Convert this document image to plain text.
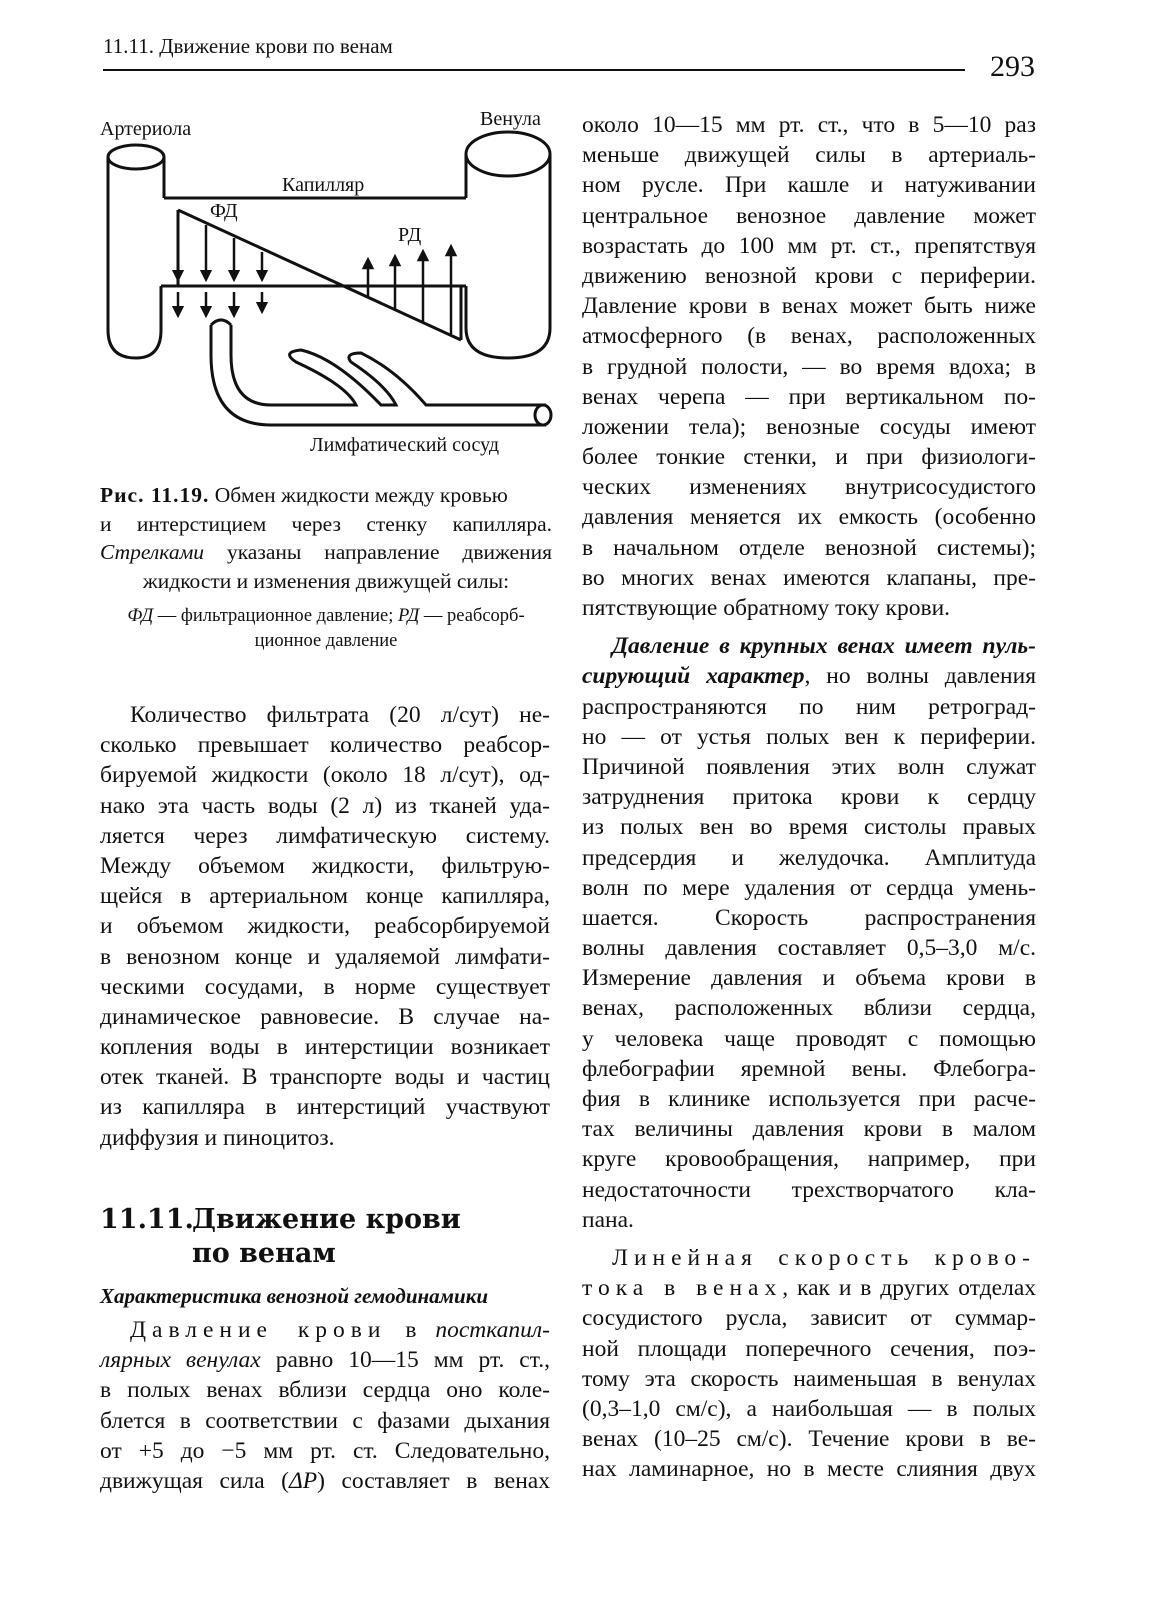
11.11. Движение крови по венам
293
Артериола	Венула
Капилляр
ФД
РД
Лимфатический сосуд
Рис. 11.19. Обмен жидкости между кровью
и интерстицием через стенку капилляра.
Стрелками указаны направление движения
жидкости и изменения движущей силы:
ФД — фильтрационное давление; РД — реабсорб-
ционное давление
Количество фильтрата (20 л/сут) не-
сколько превышает количество реабсор-
бируемой жидкости (около 18 л/сут), од-
нако эта часть воды (2 л) из тканей уда-
ляется через лимфатическую систему.
Между объемом жидкости, фильтрую-
щейся в артериальном конце капилляра,
и объемом жидкости, реабсорбируемой
в венозном конце и удаляемой лимфати-
ческими сосудами, в норме существует
динамическое равновесие. В случае на-
копления воды в интерстиции возникает
отек тканей. В транспорте воды и частиц
из капилляра в интерстиций участвуют
диффузия и пиноцитоз.
11.11.Движение крови
по венам
Характеристика венозной гемодинамики
Давление крови в посткапил-
лярных венулах равно 10—15 мм рт. ст.,
в полых венах вблизи сердца оно коле-
блется в соответствии с фазами дыхания
от +5 до −5 мм рт. ст. Следовательно,
движущая сила (ΔP) составляет в венах
около 10—15 мм рт. ст., что в 5—10 раз
меньше движущей силы в артериаль-
ном русле. При кашле и натуживании
центральное венозное давление может
возрастать до 100 мм рт. ст., препятствуя
движению венозной крови с периферии.
Давление крови в венах может быть ниже
атмосферного (в венах, расположенных
в грудной полости, — во время вдоха; в
венах черепа — при вертикальном по-
ложении тела); венозные сосуды имеют
более тонкие стенки, и при физиологи-
ческих изменениях внутрисосудистого
давления меняется их емкость (особенно
в начальном отделе венозной системы);
во многих венах имеются клапаны, пре-
пятствующие обратному току крови.
Давление в крупных венах имеет пуль-
сирующий характер, но волны давления
распространяются по ним ретроград-
но — от устья полых вен к периферии.
Причиной появления этих волн служат
затруднения притока крови к сердцу
из полых вен во время систолы правых
предсердия и желудочка. Амплитуда
волн по мере удаления от сердца умень-
шается. Скорость распространения
волны давления составляет 0,5–3,0 м/с.
Измерение давления и объема крови в
венах, расположенных вблизи сердца,
у человека чаще проводят с помощью
флебографии яремной вены. Флебогра-
фия в клинике используется при расче-
тах величины давления крови в малом
круге кровообращения, например, при
недостаточности трехстворчатого кла-
пана.
Линейная скорость крово-
тока в венах, как и в других отделах
сосудистого русла, зависит от суммар-
ной площади поперечного сечения, поэ-
тому эта скорость наименьшая в венулах
(0,3–1,0 см/с), а наибольшая — в полых
венах (10–25 см/с). Течение крови в ве-
нах ламинарное, но в месте слияния двух
